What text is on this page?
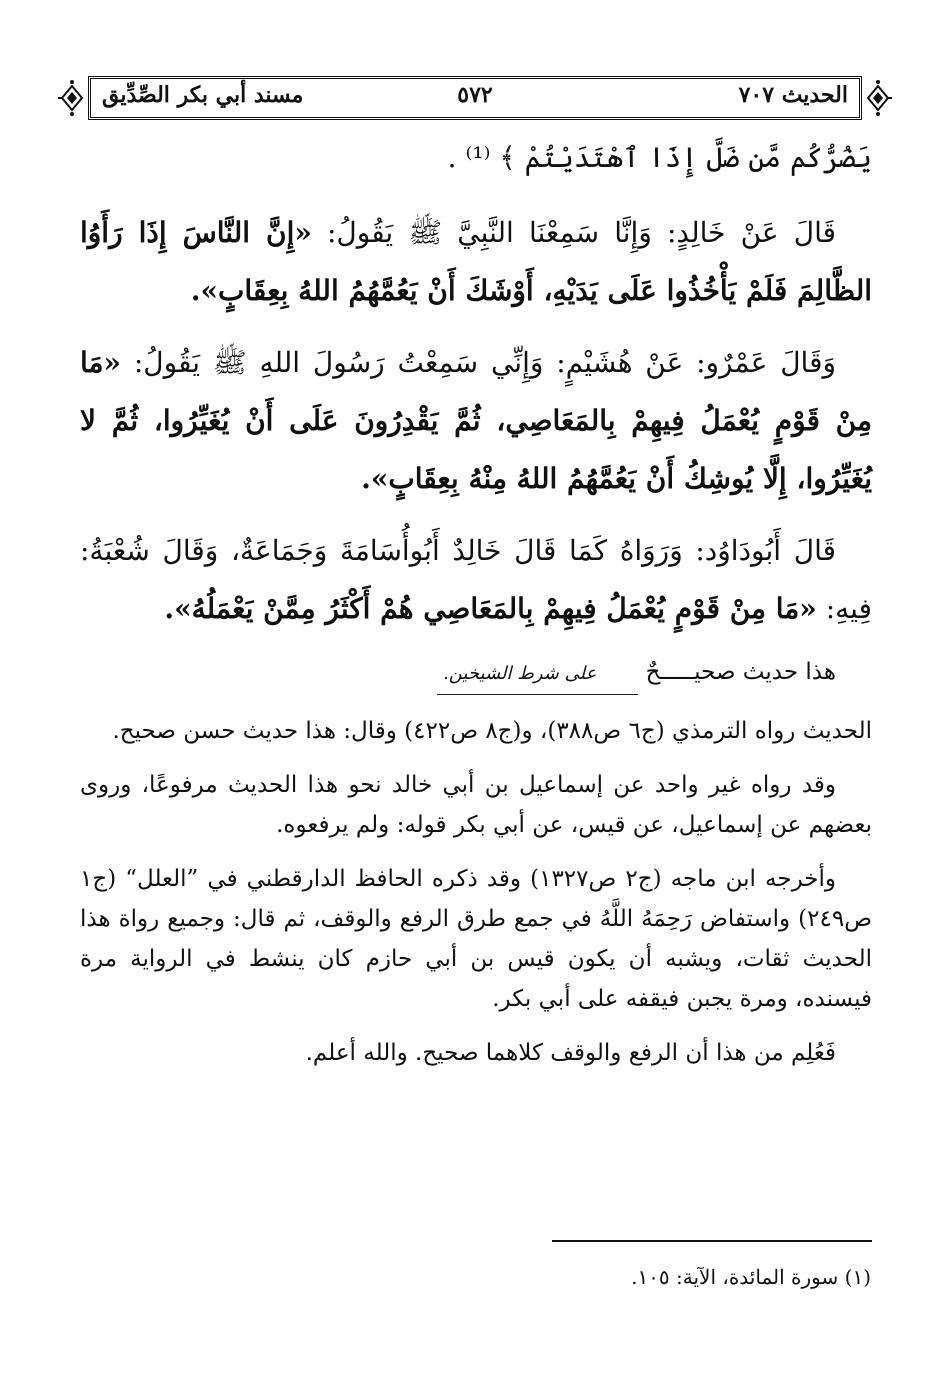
الحديث ٧٠٧
٥٧٢
مسند أبي بكر الصِّدِّيق

يَضُرُّكُم مَّن ضَلَّ إِذَا ٱهْتَدَيْتُمْ ﴾ ⁽¹⁾ .

قَالَ عَنْ خَالِدٍ: وَإِنَّا سَمِعْنَا النَّبِيَّ ﷺ يَقُولُ: «إِنَّ النَّاسَ إِذَا رَأَوُا الظَّالِمَ فَلَمْ يَأْخُذُوا عَلَى يَدَيْهِ، أَوْشَكَ أَنْ يَعُمَّهُمُ اللهُ بِعِقَابٍ».

وَقَالَ عَمْرٌو: عَنْ هُشَيْمٍ: وَإِنِّي سَمِعْتُ رَسُولَ اللهِ ﷺ يَقُولُ: «مَا مِنْ قَوْمٍ يُعْمَلُ فِيهِمْ بِالمَعَاصِي، ثُمَّ يَقْدِرُونَ عَلَى أَنْ يُغَيِّرُوا، ثُمَّ لا يُغَيِّرُوا، إِلَّا يُوشِكُ أَنْ يَعُمَّهُمُ اللهُ مِنْهُ بِعِقَابٍ».

قَالَ أَبُودَاوُد: وَرَوَاهُ كَمَا قَالَ خَالِدٌ أَبُوأُسَامَةَ وَجَمَاعَةٌ، وَقَالَ شُعْبَةُ: فِيهِ: «مَا مِنْ قَوْمٍ يُعْمَلُ فِيهِمْ بِالمَعَاصِي هُمْ أَكْثَرُ مِمَّنْ يَعْمَلُهُ».

هذا حديث صحيـــــحٌ على شرط الشيخين.

الحديث رواه الترمذي (ج٦ ص٣٨٨)، و(ج٨ ص٤٢٢) وقال: هذا حديث حسن صحيح.

وقد رواه غير واحد عن إسماعيل بن أبي خالد نحو هذا الحديث مرفوعًا، وروى بعضهم عن إسماعيل، عن قيس، عن أبي بكر قوله: ولم يرفعوه.

وأخرجه ابن ماجه (ج٢ ص١٣٢٧) وقد ذكره الحافظ الدارقطني في ”العلل“ (ج١ ص٢٤٩) واستفاض رَحِمَهُ اللَّهُ في جمع طرق الرفع والوقف، ثم قال: وجميع رواة هذا الحديث ثقات، ويشبه أن يكون قيس بن أبي حازم كان ينشط في الرواية مرة فيسنده، ومرة يجبن فيقفه على أبي بكر.

فَعُلِم من هذا أن الرفع والوقف كلاهما صحيح. والله أعلم.

(١) سورة المائدة، الآية: ١٠٥.
